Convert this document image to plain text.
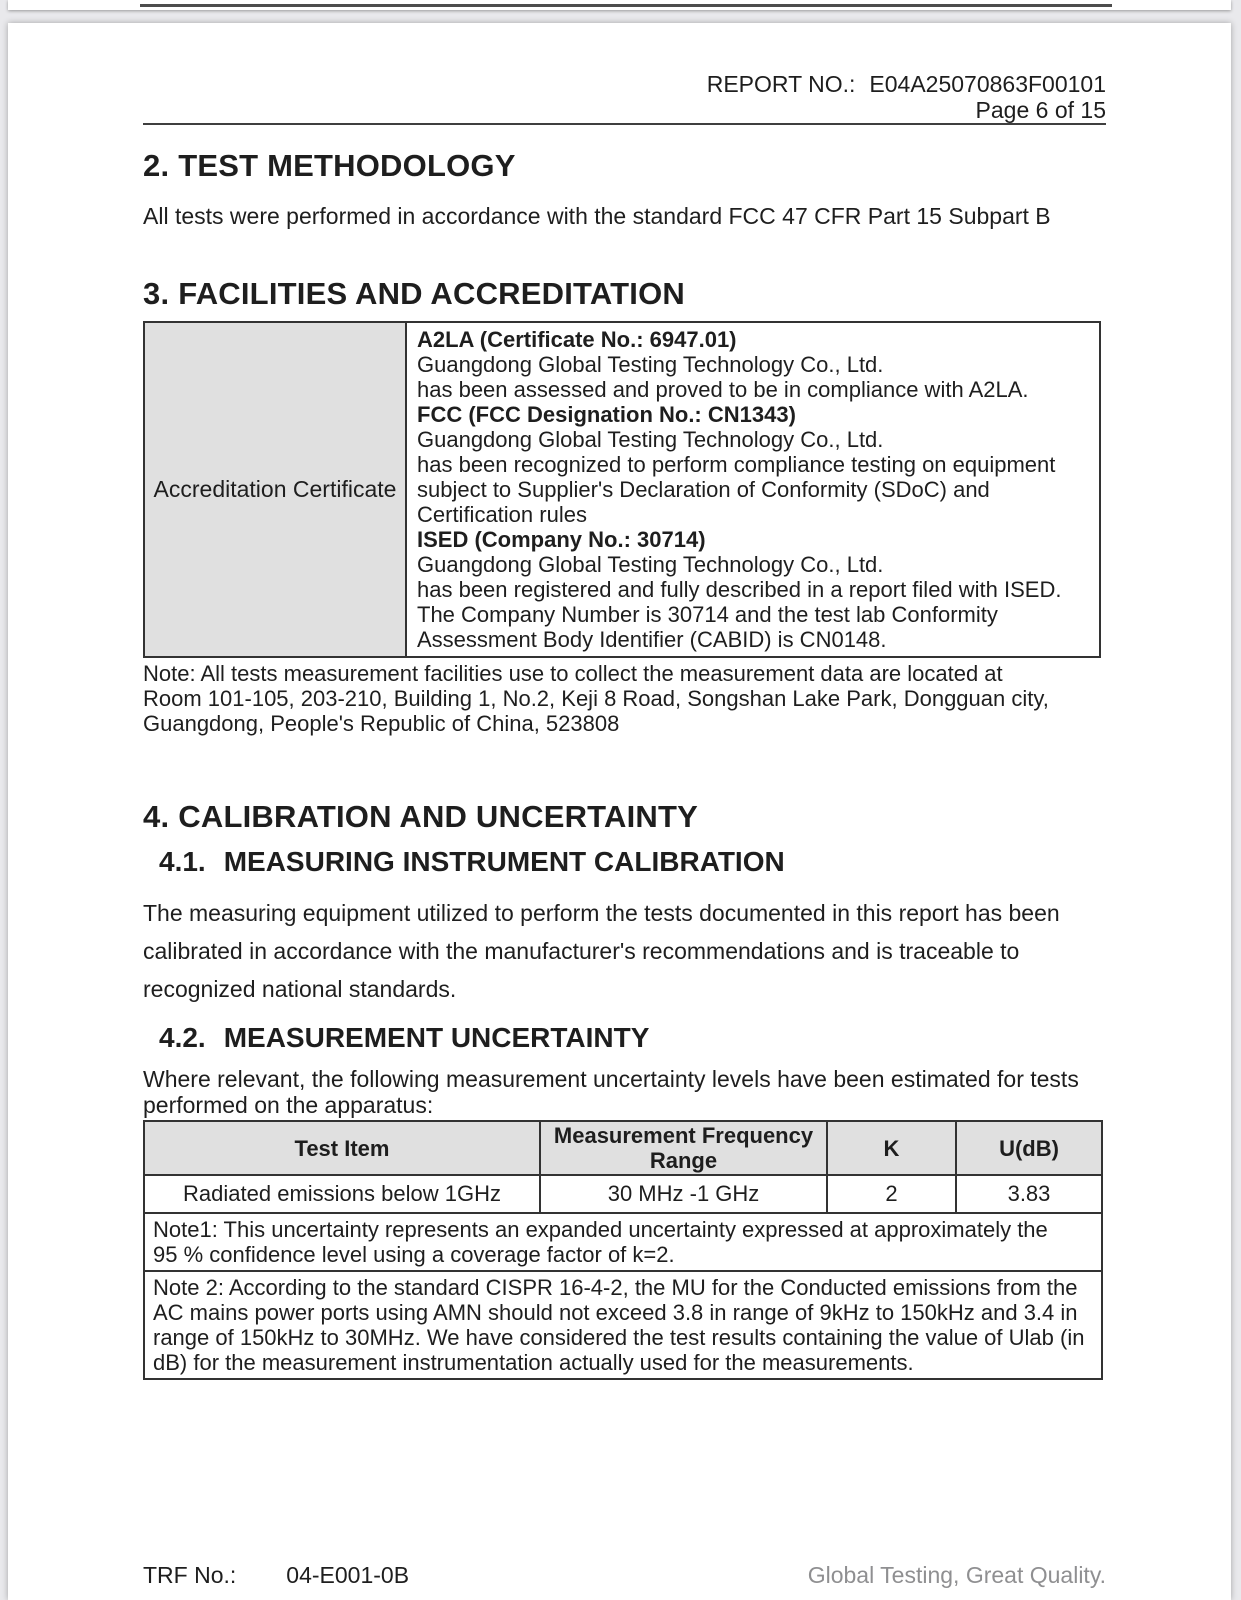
REPORT NO.: E04A25070863F00101
Page 6 of 15
2. TEST METHODOLOGY
All tests were performed in accordance with the standard FCC 47 CFR Part 15 Subpart B
3. FACILITIES AND ACCREDITATION
Accreditation Certificate	
A2LA (Certificate No.: 6947.01)
Guangdong Global Testing Technology Co., Ltd.
has been assessed and proved to be in compliance with A2LA.
FCC (FCC Designation No.: CN1343)
Guangdong Global Testing Technology Co., Ltd.
has been recognized to perform compliance testing on equipment
subject to Supplier's Declaration of Conformity (SDoC) and
Certification rules
ISED (Company No.: 30714)
Guangdong Global Testing Technology Co., Ltd.
has been registered and fully described in a report filed with ISED.
The Company Number is 30714 and the test lab Conformity
Assessment Body Identifier (CABID) is CN0148.
Note: All tests measurement facilities use to collect the measurement data are located at
Room 101-105, 203-210, Building 1, No.2, Keji 8 Road, Songshan Lake Park, Dongguan city,
Guangdong, People's Republic of China, 523808
4. CALIBRATION AND UNCERTAINTY
4.1. MEASURING INSTRUMENT CALIBRATION
The measuring equipment utilized to perform the tests documented in this report has been
calibrated in accordance with the manufacturer's recommendations and is traceable to
recognized national standards.
4.2. MEASUREMENT UNCERTAINTY
Where relevant, the following measurement uncertainty levels have been estimated for tests
performed on the apparatus:
Test Item	Measurement Frequency Range	K	U(dB)
Radiated emissions below 1GHz	30 MHz -1 GHz	2	3.83

Note1: This uncertainty represents an expanded uncertainty expressed at approximately the
95 % confidence level using a coverage factor of k=2.			

Note 2: According to the standard CISPR 16-4-2, the MU for the Conducted emissions from the
AC mains power ports using AMN should not exceed 3.8 in range of 9kHz to 150kHz and 3.4 in
range of 150kHz to 30MHz. We have considered the test results containing the value of Ulab (in
dB) for the measurement instrumentation actually used for the measurements.			
TRF No.: 04-E001-0B	Global Testing, Great Quality.
